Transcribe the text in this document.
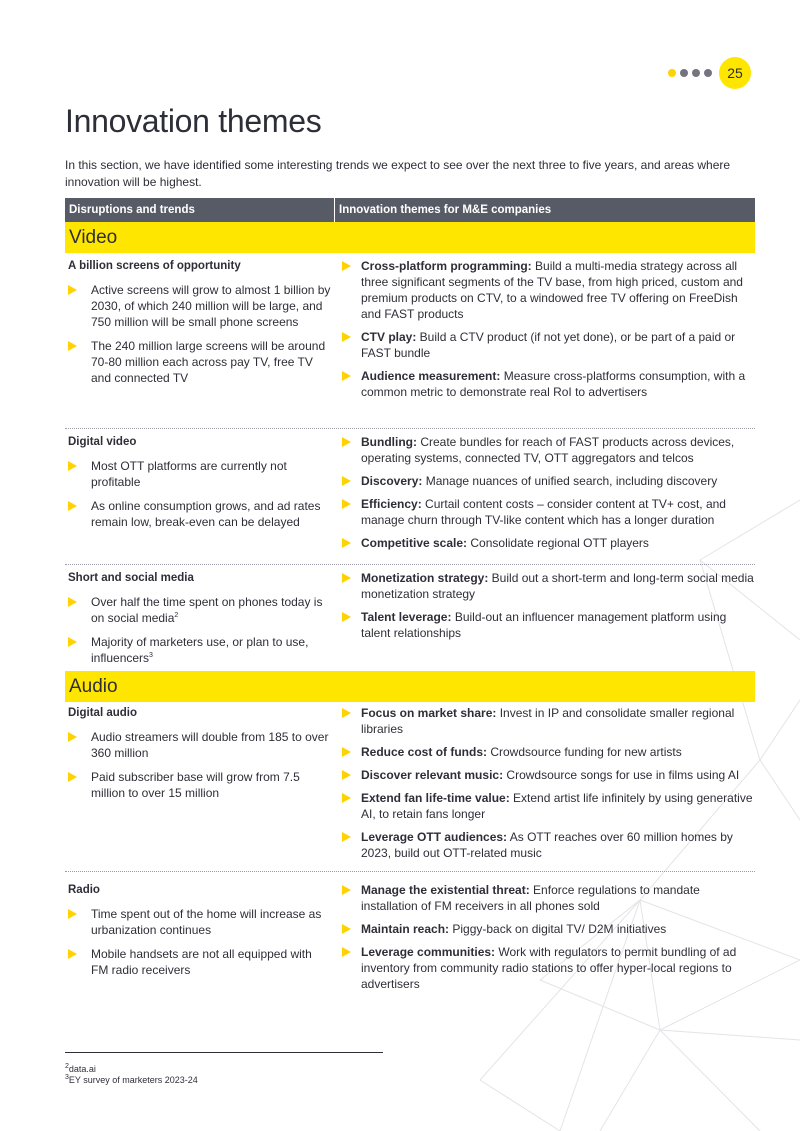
25
Innovation themes

In this section, we have identified some interesting trends we expect to see over the next three to five years, and areas where innovation will be highest.

Disruptions and trends	Innovation themes for M&E companies
Video
A billion screens of opportunity
Active screens will grow to almost 1 billion by 2030, of which 240 million will be large, and 750 million will be small phone screens
The 240 million large screens will be around 70-80 million each across pay TV, free TV and connected TV
Cross-platform programming: Build a multi-media strategy across all three significant segments of the TV base, from high priced, custom and premium products on CTV, to a windowed free TV offering on FreeDish and FAST products
CTV play: Build a CTV product (if not yet done), or be part of a paid or FAST bundle
Audience measurement: Measure cross-platforms consumption, with a common metric to demonstrate real RoI to advertisers
Digital video
Most OTT platforms are currently not profitable
As online consumption grows, and ad rates remain low, break-even can be delayed
Bundling: Create bundles for reach of FAST products across devices, operating systems, connected TV, OTT aggregators and telcos
Discovery: Manage nuances of unified search, including discovery
Efficiency: Curtail content costs – consider content at TV+ cost, and manage churn through TV-like content which has a longer duration
Competitive scale: Consolidate regional OTT players
Short and social media
Over half the time spent on phones today is on social media$^2$
Majority of marketers use, or plan to use, influencers$^3$
Monetization strategy: Build out a short-term and long-term social media monetization strategy
Talent leverage: Build-out an influencer management platform using talent relationships
Audio
Digital audio
Audio streamers will double from 185 to over 360 million
Paid subscriber base will grow from 7.5 million to over 15 million
Focus on market share: Invest in IP and consolidate smaller regional libraries
Reduce cost of funds: Crowdsource funding for new artists
Discover relevant music: Crowdsource songs for use in films using AI
Extend fan life-time value: Extend artist life infinitely by using generative AI, to retain fans longer
Leverage OTT audiences: As OTT reaches over 60 million homes by 2023, build out OTT-related music
Radio
Time spent out of the home will increase as urbanization continues
Mobile handsets are not all equipped with FM radio receivers
Manage the existential threat: Enforce regulations to mandate installation of FM receivers in all phones sold
Maintain reach: Piggy-back on digital TV/ D2M initiatives
Leverage communities: Work with regulators to permit bundling of ad inventory from community radio stations to offer hyper-local regions to advertisers
$^2$data.ai
$^3$EY survey of marketers 2023-24
